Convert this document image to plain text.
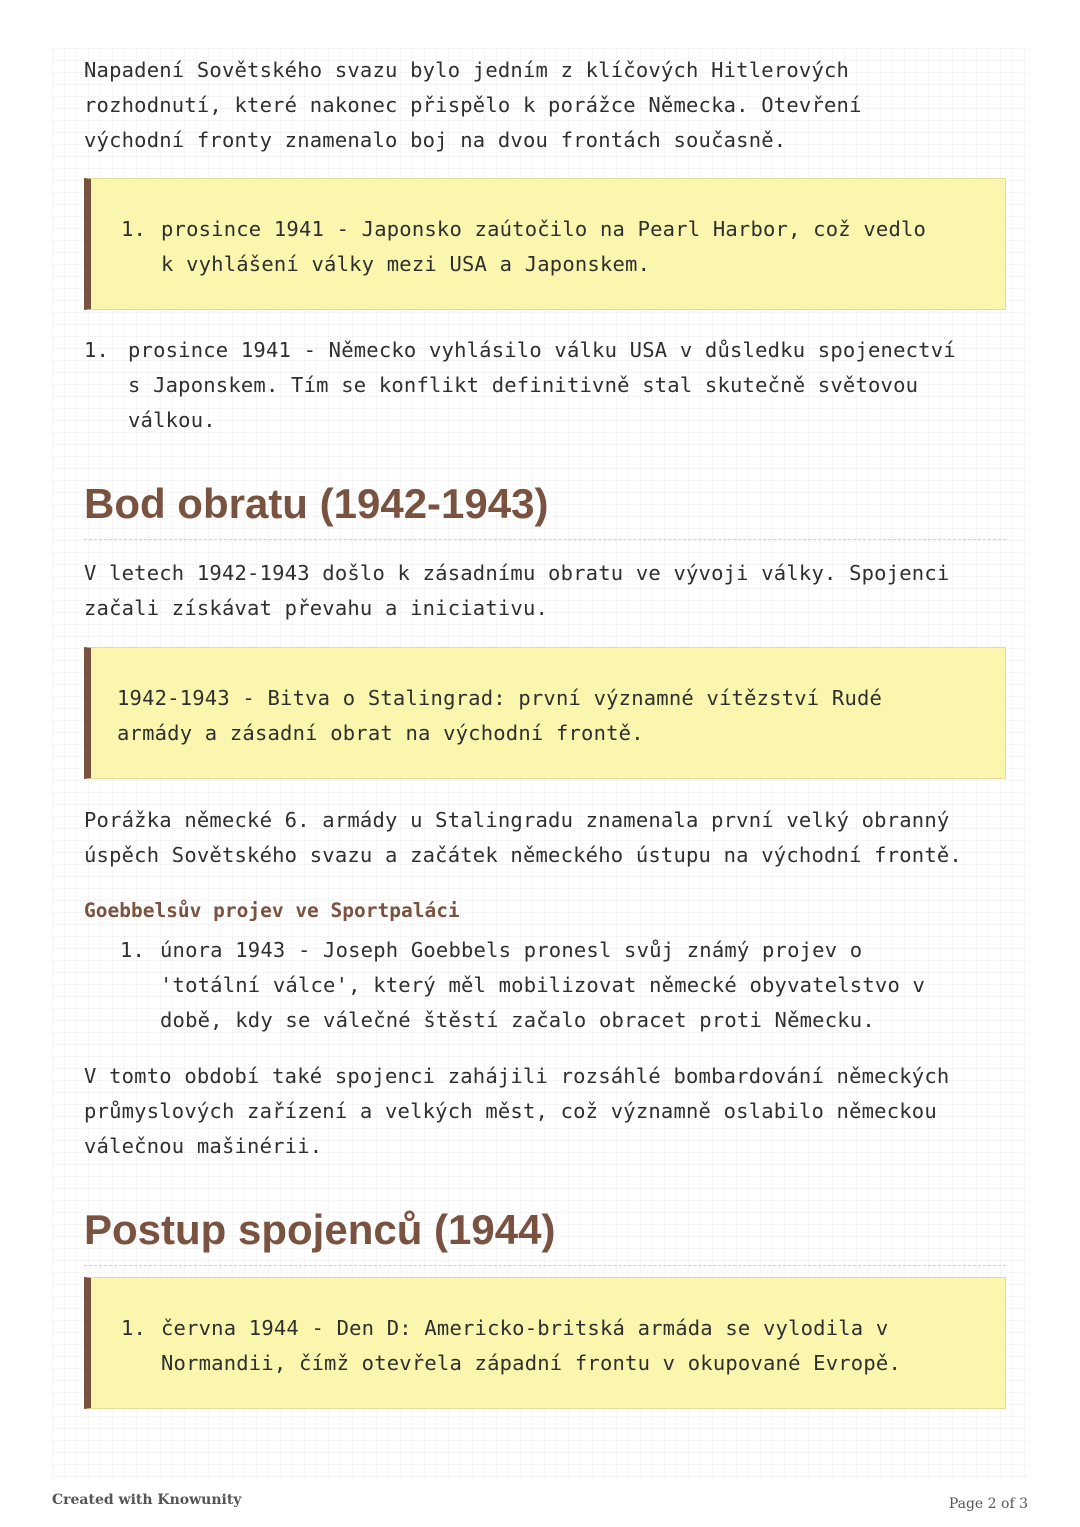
Napadení Sovětského svazu bylo jedním z klíčových Hitlerových
rozhodnutí, které nakonec přispělo k porážce Německa. Otevření
východní fronty znamenalo boj na dvou frontách současně.

1. prosince 1941 - Japonsko zaútočilo na Pearl Harbor, což vedlo
k vyhlášení války mezi USA a Japonskem.
1. prosince 1941 - Německo vyhlásilo válku USA v důsledku spojenectví
s Japonskem. Tím se konflikt definitivně stal skutečně světovou
válkou.
Bod obratu (1942-1943)

V letech 1942-1943 došlo k zásadnímu obratu ve vývoji války. Spojenci
začali získávat převahu a iniciativu.

1942-1943 - Bitva o Stalingrad: první významné vítězství Rudé
armády a zásadní obrat na východní frontě.

Porážka německé 6. armády u Stalingradu znamenala první velký obranný
úspěch Sovětského svazu a začátek německého ústupu na východní frontě.

Goebbelsův projev ve Sportpaláci
1. února 1943 - Joseph Goebbels pronesl svůj známý projev o
'totální válce', který měl mobilizovat německé obyvatelstvo v
době, kdy se válečné štěstí začalo obracet proti Německu.

V tomto období také spojenci zahájili rozsáhlé bombardování německých
průmyslových zařízení a velkých měst, což významně oslabilo německou
válečnou mašinérii.

Postup spojenců (1944)
1. června 1944 - Den D: Americko-britská armáda se vylodila v
Normandii, čímž otevřela západní frontu v okupované Evropě.
Created with Knowunity	Page 2 of 3
